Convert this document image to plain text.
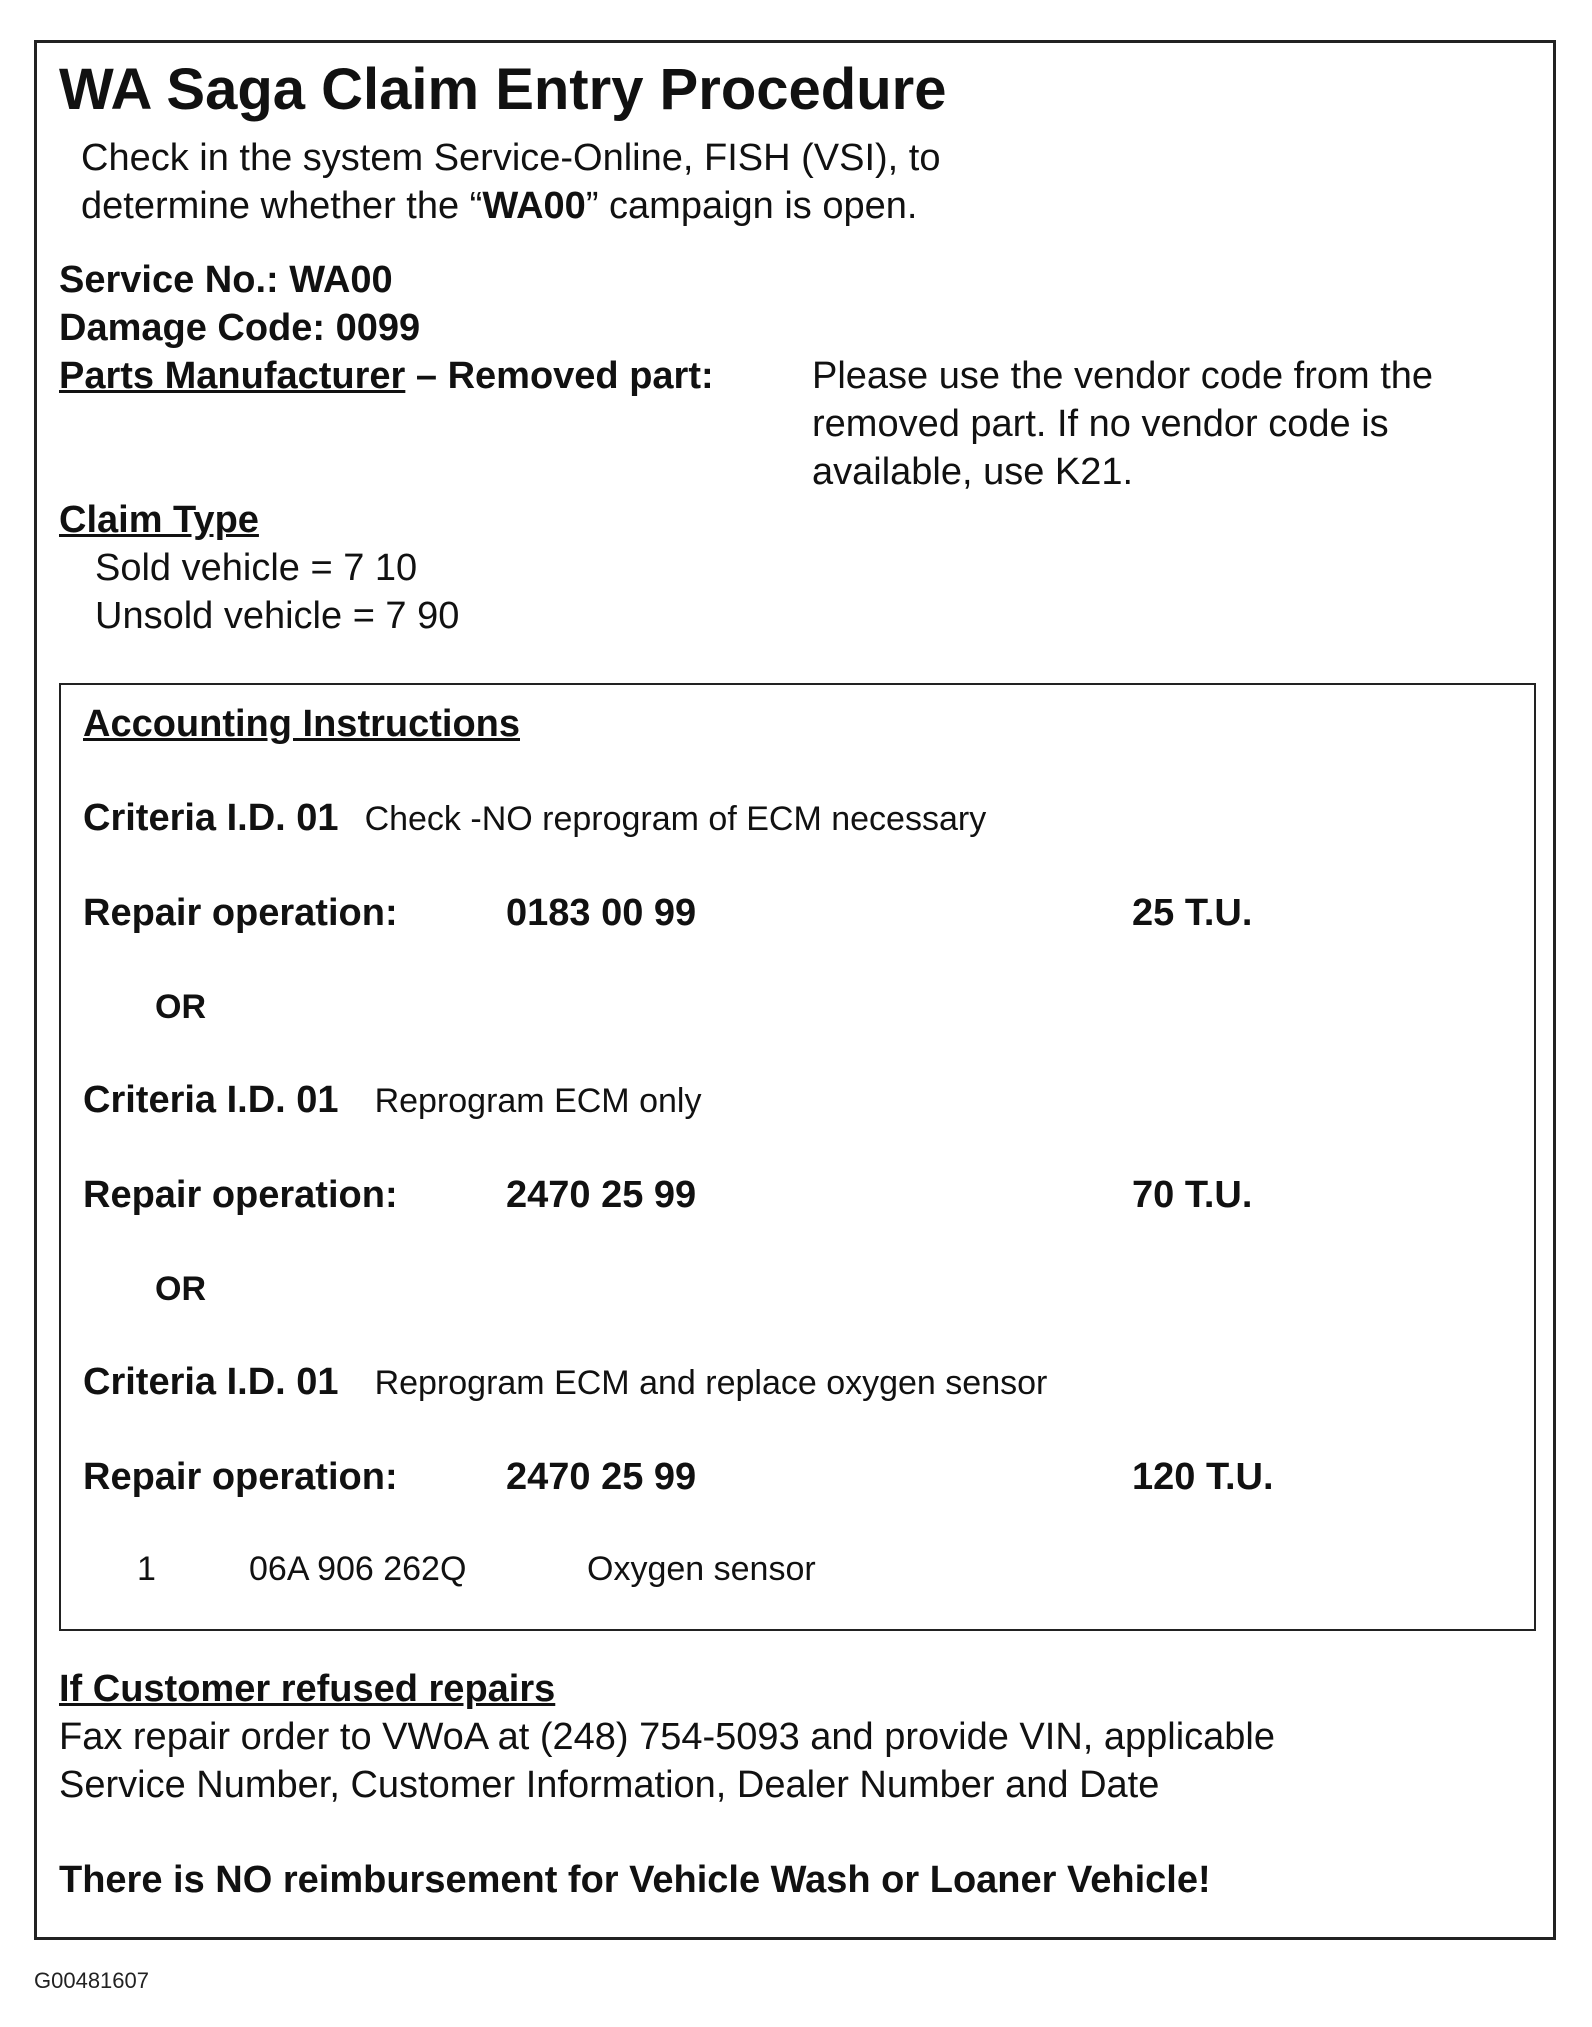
WA Saga Claim Entry Procedure
Check in the system Service-Online, FISH (VSI), to
determine whether the “WA00” campaign is open.
Service No.: WA00
Damage Code: 0099
Parts Manufacturer – Removed part:	Please use the vendor code from the
removed part. If no vendor code is
available, use K21.
Claim Type
Sold vehicle = 7 10
Unsold vehicle = 7 90
Accounting Instructions
Criteria I.D. 01 Check -NO reprogram of ECM necessary
Repair operation:	0183 00 99	25 T.U.
OR
Criteria I.D. 01 Reprogram ECM only
Repair operation:	2470 25 99	70 T.U.
OR
Criteria I.D. 01 Reprogram ECM and replace oxygen sensor
Repair operation:	2470 25 99	120 T.U.
1	06A 906 262Q	Oxygen sensor
If Customer refused repairs
Fax repair order to VWoA at (248) 754-5093 and provide VIN, applicable
Service Number, Customer Information, Dealer Number and Date
There is NO reimbursement for Vehicle Wash or Loaner Vehicle!
G00481607
